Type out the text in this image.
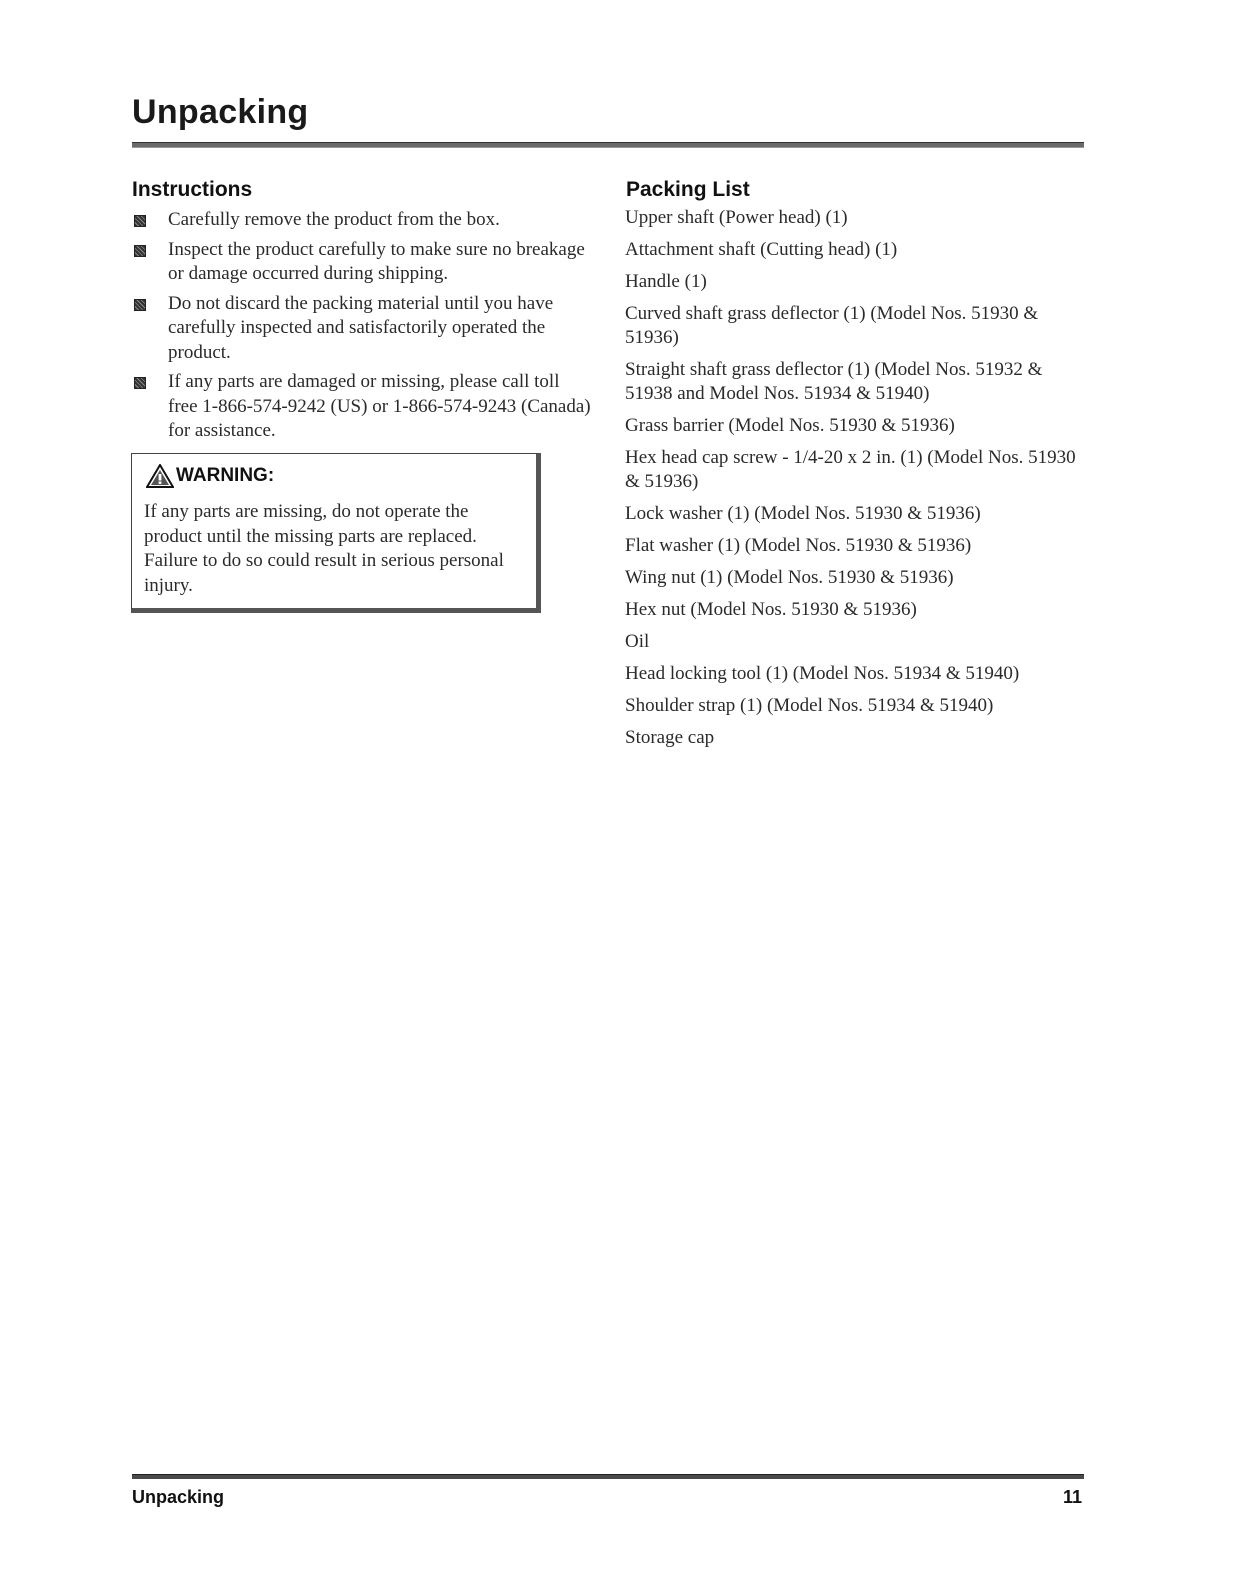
Unpacking
Instructions
Carefully remove the product from the box.
Inspect the product carefully to make sure no breakage or damage occurred during shipping.
Do not discard the packing material until you have carefully inspected and satisfactorily operated the product.
If any parts are damaged or missing, please call toll free 1-866-574-9242 (US) or 1-866-574-9243 (Canada) for assistance.
WARNING:
If any parts are missing, do not operate the product until the missing parts are replaced. Failure to do so could result in serious personal injury.
Packing List
Upper shaft (Power head) (1)
Attachment shaft (Cutting head) (1)
Handle (1)
Curved shaft grass deflector (1) (Model Nos. 51930 & 51936)
Straight shaft grass deflector (1) (Model Nos. 51932 & 51938 and Model Nos. 51934 & 51940)
Grass barrier (Model Nos. 51930 & 51936)
Hex head cap screw - 1/4-20 x 2 in. (1) (Model Nos. 51930 & 51936)
Lock washer (1) (Model Nos. 51930 & 51936)
Flat washer (1) (Model Nos. 51930 & 51936)
Wing nut (1) (Model Nos. 51930 & 51936)
Hex nut (Model Nos. 51930 & 51936)
Oil
Head locking tool (1) (Model Nos. 51934 & 51940)
Shoulder strap (1) (Model Nos. 51934 & 51940)
Storage cap
Unpacking	11
